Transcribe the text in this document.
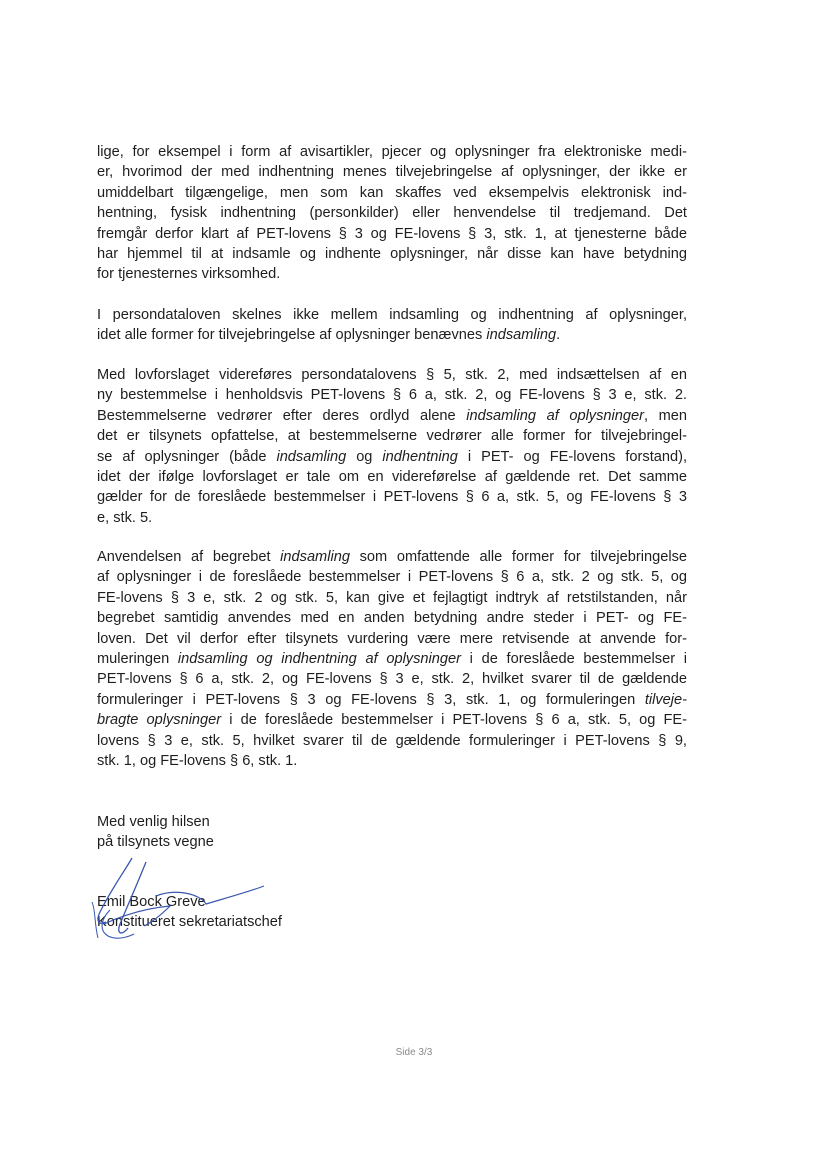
lige, for eksempel i form af avisartikler, pjecer og oplysninger fra elektroniske medi-
er, hvorimod der med indhentning menes tilvejebringelse af oplysninger, der ikke er
umiddelbart tilgængelige, men som kan skaffes ved eksempelvis elektronisk ind-
hentning, fysisk indhentning (personkilder) eller henvendelse til tredjemand. Det
fremgår derfor klart af PET-lovens § 3 og FE-lovens § 3, stk. 1, at tjenesterne både
har hjemmel til at indsamle og indhente oplysninger, når disse kan have betydning
for tjenesternes virksomhed.
I persondataloven skelnes ikke mellem indsamling og indhentning af oplysninger,
idet alle former for tilvejebringelse af oplysninger benævnes indsamling.
Med lovforslaget videreføres persondatalovens § 5, stk. 2, med indsættelsen af en
ny bestemmelse i henholdsvis PET-lovens § 6 a, stk. 2, og FE-lovens § 3 e, stk. 2.
Bestemmelserne vedrører efter deres ordlyd alene indsamling af oplysninger, men
det er tilsynets opfattelse, at bestemmelserne vedrører alle former for tilvejebringel-
se af oplysninger (både indsamling og indhentning i PET- og FE-lovens forstand),
idet der ifølge lovforslaget er tale om en videreførelse af gældende ret. Det samme
gælder for de foreslåede bestemmelser i PET-lovens § 6 a, stk. 5, og FE-lovens § 3
e, stk. 5.
Anvendelsen af begrebet indsamling som omfattende alle former for tilvejebringelse
af oplysninger i de foreslåede bestemmelser i PET-lovens § 6 a, stk. 2 og stk. 5, og
FE-lovens § 3 e, stk. 2 og stk. 5, kan give et fejlagtigt indtryk af retstilstanden, når
begrebet samtidig anvendes med en anden betydning andre steder i PET- og FE-
loven. Det vil derfor efter tilsynets vurdering være mere retvisende at anvende for-
muleringen indsamling og indhentning af oplysninger i de foreslåede bestemmelser i
PET-lovens § 6 a, stk. 2, og FE-lovens § 3 e, stk. 2, hvilket svarer til de gældende
formuleringer i PET-lovens § 3 og FE-lovens § 3, stk. 1, og formuleringen tilveje-
bragte oplysninger i de foreslåede bestemmelser i PET-lovens § 6 a, stk. 5, og FE-
lovens § 3 e, stk. 5, hvilket svarer til de gældende formuleringer i PET-lovens § 9,
stk. 1, og FE-lovens § 6, stk. 1.
Med venlig hilsen
på tilsynets vegne
Emil Bock Greve
Konstitueret sekretariatschef
Side 3/3
